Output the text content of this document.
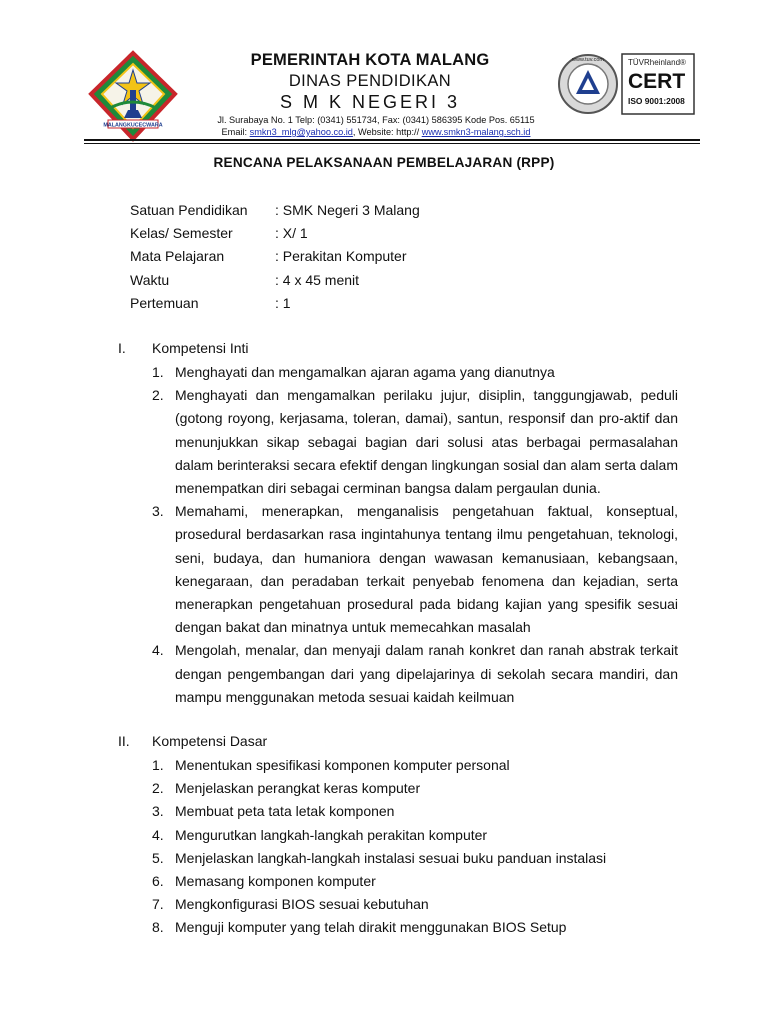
MALANGKUCECWARA
PEMERINTAH KOTA MALANG
DINAS PENDIDIKAN
S M K NEGERI 3
Jl. Surabaya No. 1 Telp: (0341) 551734, Fax: (0341) 586395 Kode Pos. 65115
Email: smkn3_mlg@yahoo.co.id, Website: http:// www.smkn3-malang.sch.id
www.tuv.com	TÜVRheinland®
CERT
ISO 9001:2008
RENCANA PELAKSANAAN PEMBELAJARAN (RPP)
Satuan Pendidikan : SMK Negeri 3 Malang
Kelas/ Semester	: X/ 1
Mata Pelajaran	: Perakitan Komputer
Waktu	: 4 x 45 menit
Pertemuan	: 1
I. Kompetensi Inti
1. Menghayati dan mengamalkan ajaran agama yang dianutnya
2. Menghayati dan mengamalkan perilaku jujur, disiplin, tanggungjawab, peduli (gotong royong, kerjasama, toleran, damai), santun, responsif dan pro-aktif dan menunjukkan sikap sebagai bagian dari solusi atas berbagai permasalahan dalam berinteraksi secara efektif dengan lingkungan sosial dan alam serta dalam menempatkan diri sebagai cerminan bangsa dalam pergaulan dunia.
3. Memahami, menerapkan, menganalisis pengetahuan faktual, konseptual, prosedural berdasarkan rasa ingintahunya tentang ilmu pengetahuan, teknologi, seni, budaya, dan humaniora dengan wawasan kemanusiaan, kebangsaan, kenegaraan, dan peradaban terkait penyebab fenomena dan kejadian, serta menerapkan pengetahuan prosedural pada bidang kajian yang spesifik sesuai dengan bakat dan minatnya untuk memecahkan masalah
4. Mengolah, menalar, dan menyaji dalam ranah konkret dan ranah abstrak terkait dengan pengembangan dari yang dipelajarinya di sekolah secara mandiri, dan mampu menggunakan metoda sesuai kaidah keilmuan
II. Kompetensi Dasar
1. Menentukan spesifikasi komponen komputer personal
2. Menjelaskan perangkat keras komputer
3. Membuat peta tata letak komponen
4. Mengurutkan langkah-langkah perakitan komputer
5. Menjelaskan langkah-langkah instalasi sesuai buku panduan instalasi
6. Memasang komponen komputer
7. Mengkonfigurasi BIOS sesuai kebutuhan
8. Menguji komputer yang telah dirakit menggunakan BIOS Setup
